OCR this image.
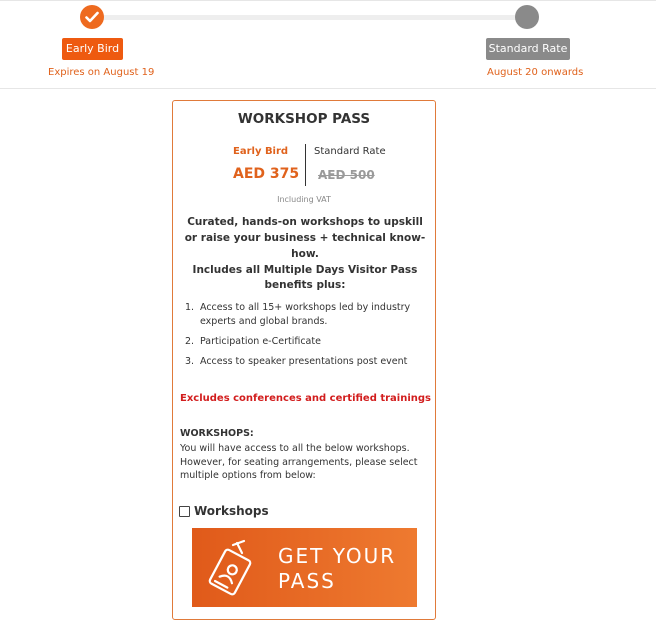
Early Bird	Standard Rate
Expires on August 19	August 20 onwards
WORKSHOP PASS
Early Bird	Standard Rate
AED 375 AED 500
Including VAT
Curated, hands-on workshops to upskill or raise your business + technical know-how.
Includes all Multiple Days Visitor Pass benefits plus:
1. Access to all 15+ workshops led by industry experts and global brands.
2. Participation e-Certificate
3. Access to speaker presentations post event
Excludes conferences and certified trainings
WORKSHOPS:
You will have access to all the below workshops. However, for seating arrangements, please select multiple options from below:
Workshops
GET YOUR
PASS
